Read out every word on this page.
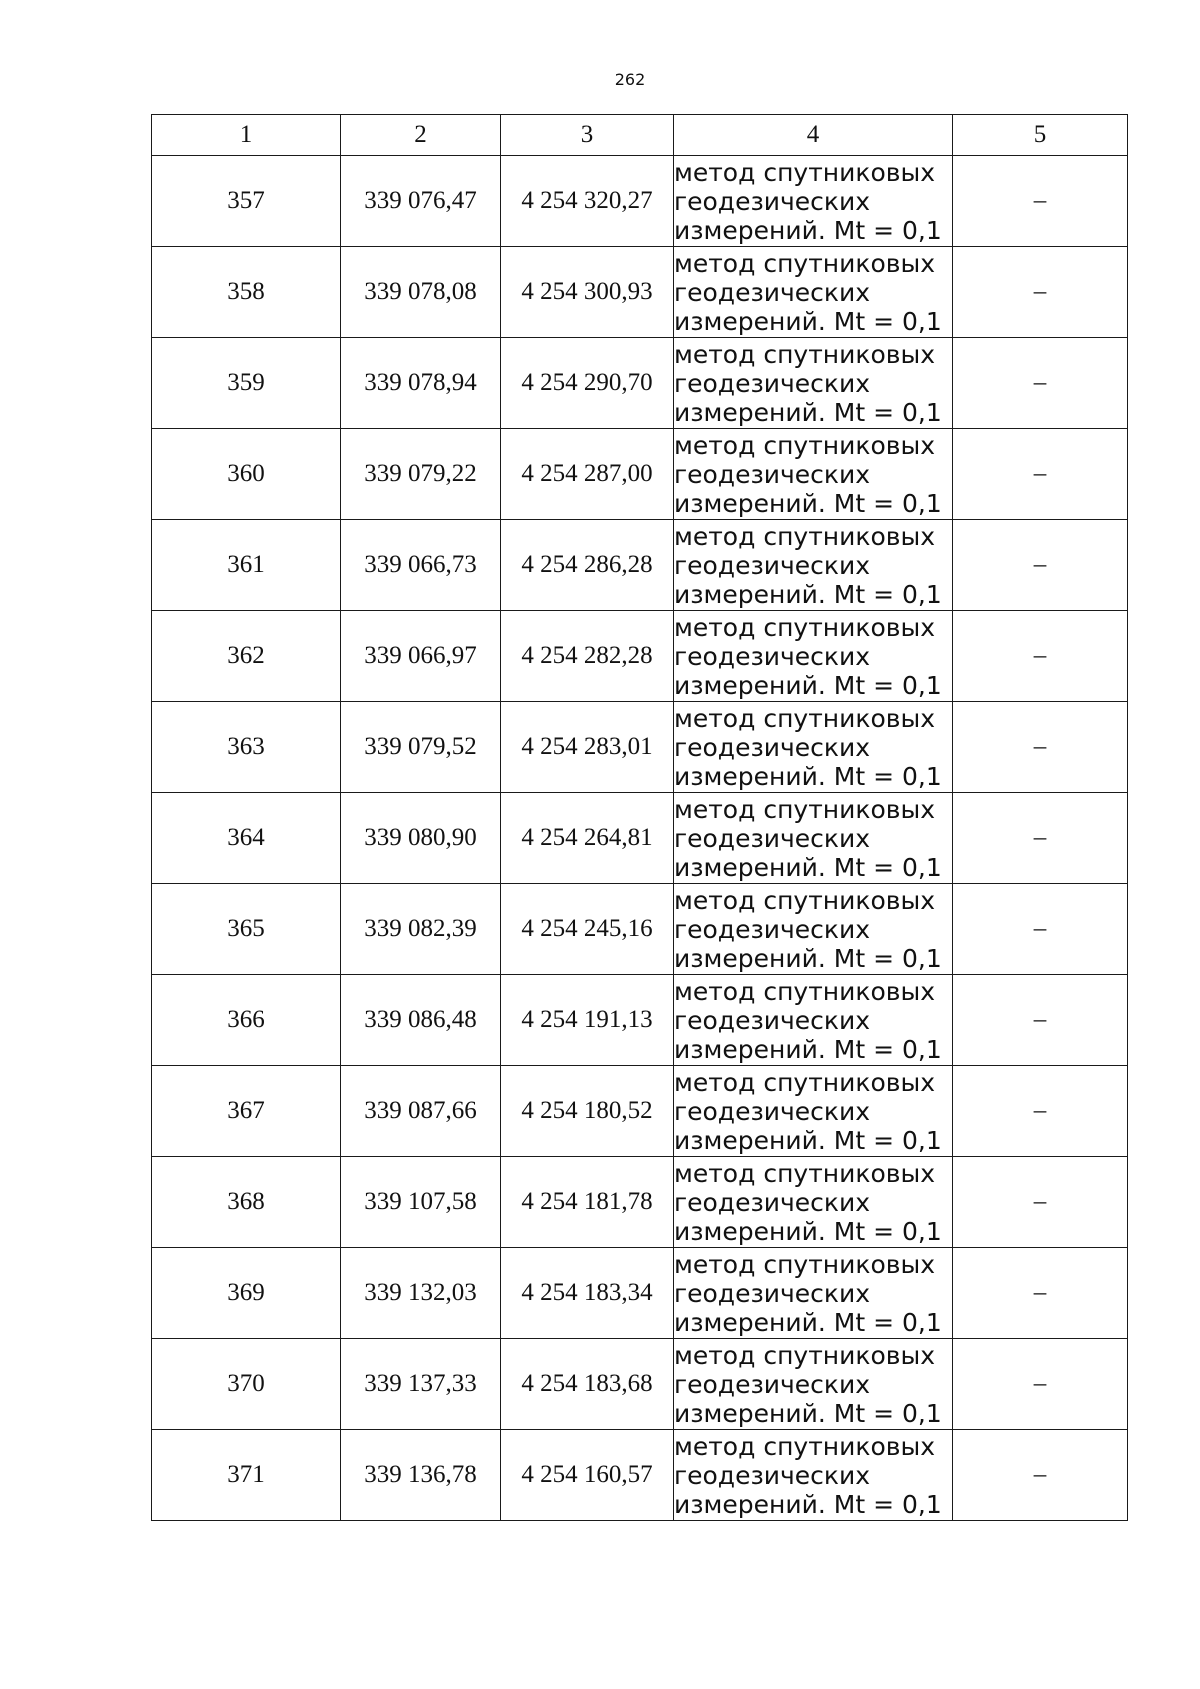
262
1	2	3	4	5
357	339 076,47	4 254 320,27	метод спутниковых
геодезических
измерений. Mt = 0,1	–
358	339 078,08	4 254 300,93	метод спутниковых
геодезических
измерений. Mt = 0,1	–
359	339 078,94	4 254 290,70	метод спутниковых
геодезических
измерений. Mt = 0,1	–
360	339 079,22	4 254 287,00	метод спутниковых
геодезических
измерений. Mt = 0,1	–
361	339 066,73	4 254 286,28	метод спутниковых
геодезических
измерений. Mt = 0,1	–
362	339 066,97	4 254 282,28	метод спутниковых
геодезических
измерений. Mt = 0,1	–
363	339 079,52	4 254 283,01	метод спутниковых
геодезических
измерений. Mt = 0,1	–
364	339 080,90	4 254 264,81	метод спутниковых
геодезических
измерений. Mt = 0,1	–
365	339 082,39	4 254 245,16	метод спутниковых
геодезических
измерений. Mt = 0,1	–
366	339 086,48	4 254 191,13	метод спутниковых
геодезических
измерений. Mt = 0,1	–
367	339 087,66	4 254 180,52	метод спутниковых
геодезических
измерений. Mt = 0,1	–
368	339 107,58	4 254 181,78	метод спутниковых
геодезических
измерений. Mt = 0,1	–
369	339 132,03	4 254 183,34	метод спутниковых
геодезических
измерений. Mt = 0,1	–
370	339 137,33	4 254 183,68	метод спутниковых
геодезических
измерений. Mt = 0,1	–
371	339 136,78	4 254 160,57	метод спутниковых
геодезических
измерений. Mt = 0,1	–
